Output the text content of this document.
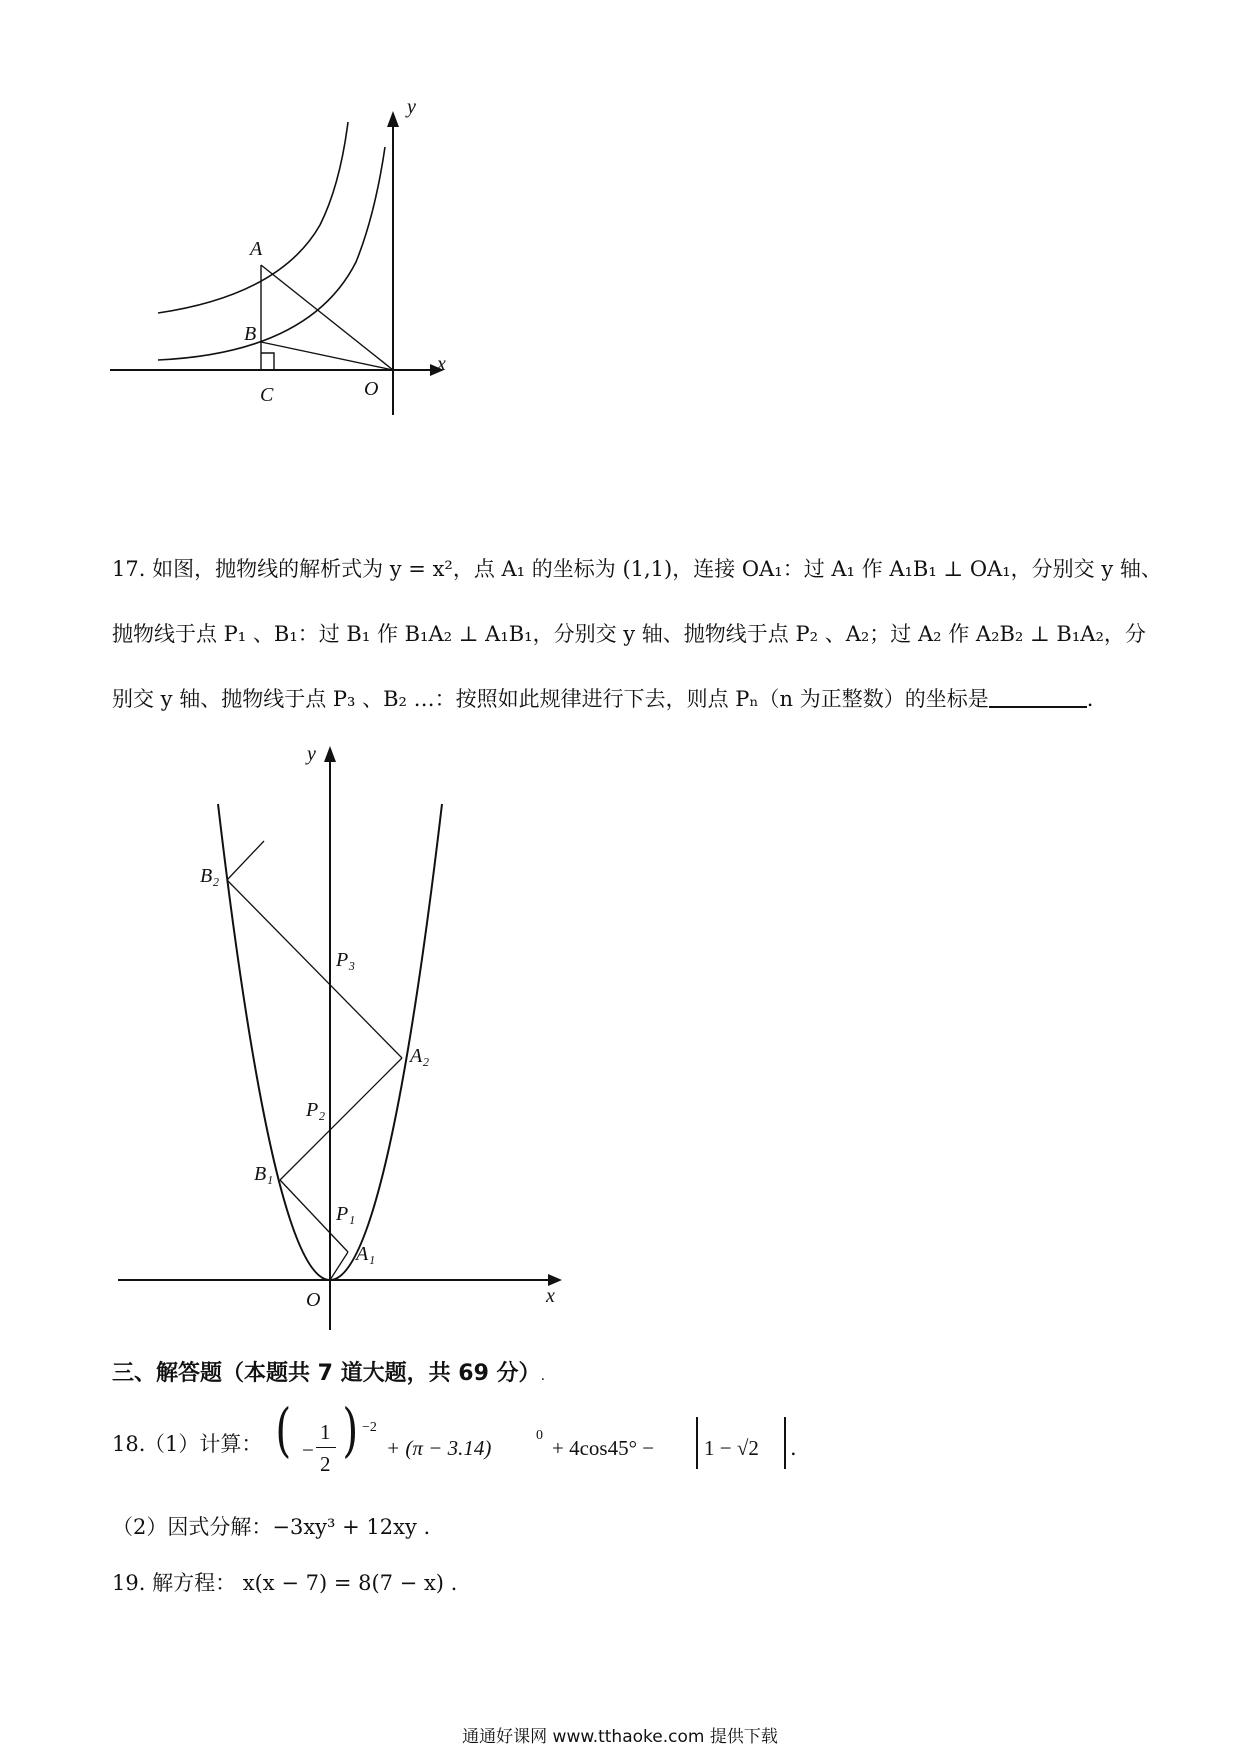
y
x
A
B
C	O
17. 如图，抛物线的解析式为 y = x²，点 A₁ 的坐标为 (1,1)，连接 OA₁：过 A₁ 作 A₁B₁ ⊥ OA₁，分别交 y 轴、
抛物线于点 P₁ 、B₁：过 B₁ 作 B₁A₂ ⊥ A₁B₁，分别交 y 轴、抛物线于点 P₂ 、A₂；过 A₂ 作 A₂B₂ ⊥ B₁A₂，分
别交 y 轴、抛物线于点 P₃ 、B₂ …：按照如此规律进行下去，则点 Pₙ（n 为正整数）的坐标是	.
y
x
O
A₁
P₁
B₁
P₂
A₂
P₃
B₂
三、解答题（本题共 7 道大题，共 69 分）.
18.
（1）计算： ( −
1
2 ) −2
+ (π − 3.14)
0
+ 4cos45° − 1 − √2 .
（2）因式分解：−3xy³ + 12xy .
19. 解方程： x(x − 7) = 8(7 − x) .
通通好课网 www.tthaoke.com 提供下载
